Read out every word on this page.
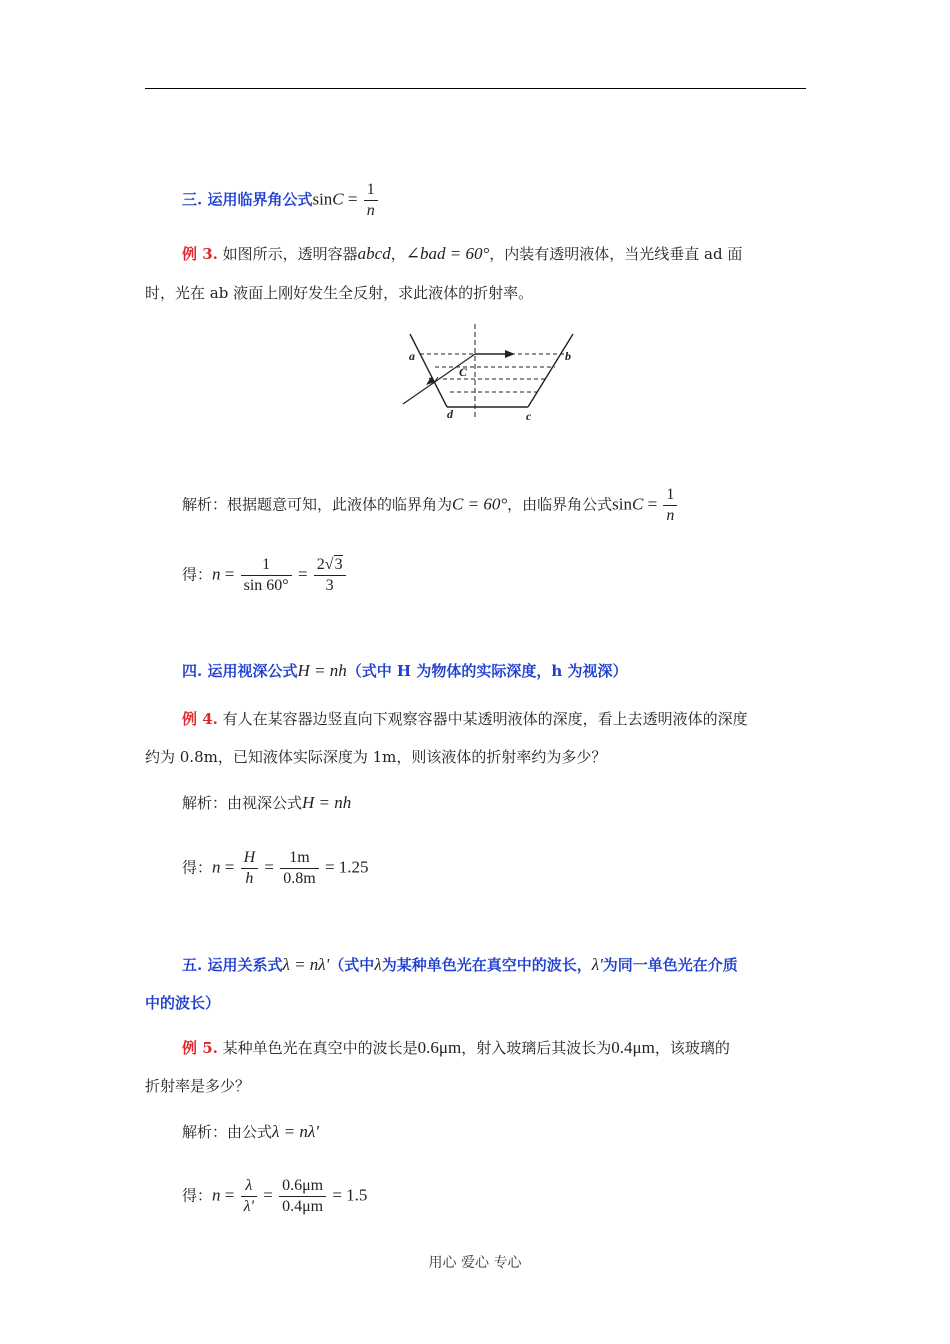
三. 运用临界角公式$\sin C = \frac{1}{n}$
例 3. 如图所示，透明容器abcd，∠bad = 60°，内装有透明液体，当光线垂直 ad 面
时，光在 ab 液面上刚好发生全反射，求此液体的折射率。
a	b
C
d	c
解析：根据题意可知，此液体的临界角为C = 60°，由临界角公式$\sin C = \frac{1}{n}$
得：$n = \frac{1}{\sin 60^\circ} = \frac{2√3}{3}$
四. 运用视深公式H = nh（式中 H 为物体的实际深度，h 为视深）
例 4. 有人在某容器边竖直向下观察容器中某透明液体的深度，看上去透明液体的深度
约为 0.8m，已知液体实际深度为 1m，则该液体的折射率约为多少？
解析：由视深公式H = nh
得：$n = \frac{H}{h} = \frac{1m}{0.8m} = 1.25$
五. 运用关系式λ = nλ'（式中λ为某种单色光在真空中的波长，λ'为同一单色光在介质
中的波长）
例 5. 某种单色光在真空中的波长是0.6μm，射入玻璃后其波长为0.4μm，该玻璃的
折射率是多少？
解析：由公式λ = nλ'
得：$n = \frac{\lambda}{\lambda'} = \frac{0.6\mu m}{0.4\mu m} = 1.5$
用心 爱心 专心
